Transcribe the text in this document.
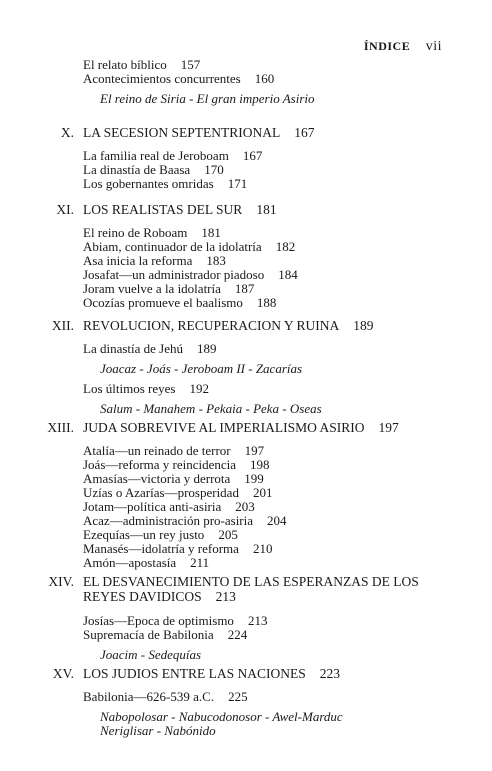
ÍNDICE vii
El relato bíblico 157
Acontecimientos concurrentes 160
El reino de Siria - El gran imperio Asirio
X. LA SECESION SEPTENTRIONAL 167
La familia real de Jeroboam 167
La dinastía de Baasa 170
Los gobernantes omridas 171
XI. LOS REALISTAS DEL SUR 181
El reino de Roboam 181
Abiam, continuador de la idolatría 182
Asa inicia la reforma 183
Josafat—un administrador piadoso 184
Joram vuelve a la idolatría 187
Ocozías promueve el baalismo 188
XII. REVOLUCION, RECUPERACION Y RUINA 189
La dinastía de Jehú 189
Joacaz - Joás - Jeroboam II - Zacarías
Los últimos reyes 192
Salum - Manahem - Pekaia - Peka - Oseas
XIII. JUDA SOBREVIVE AL IMPERIALISMO ASIRIO 197
Atalía—un reinado de terror 197
Joás—reforma y reincidencia 198
Amasías—victoria y derrota 199
Uzías o Azarías—prosperidad 201
Jotam—política anti-asiria 203
Acaz—administración pro-asiria 204
Ezequías—un rey justo 205
Manasés—idolatría y reforma 210
Amón—apostasía 211
XIV. EL DESVANECIMIENTO DE LAS ESPERANZAS DE LOS
REYES DAVIDICOS 213
Josías—Epoca de optimismo 213
Supremacía de Babilonia 224
Joacim - Sedequías
XV. LOS JUDIOS ENTRE LAS NACIONES 223
Babilonia—626-539 a.C. 225
Nabopolosar - Nabucodonosor - Awel-Marduc
Neriglisar - Nabónido
